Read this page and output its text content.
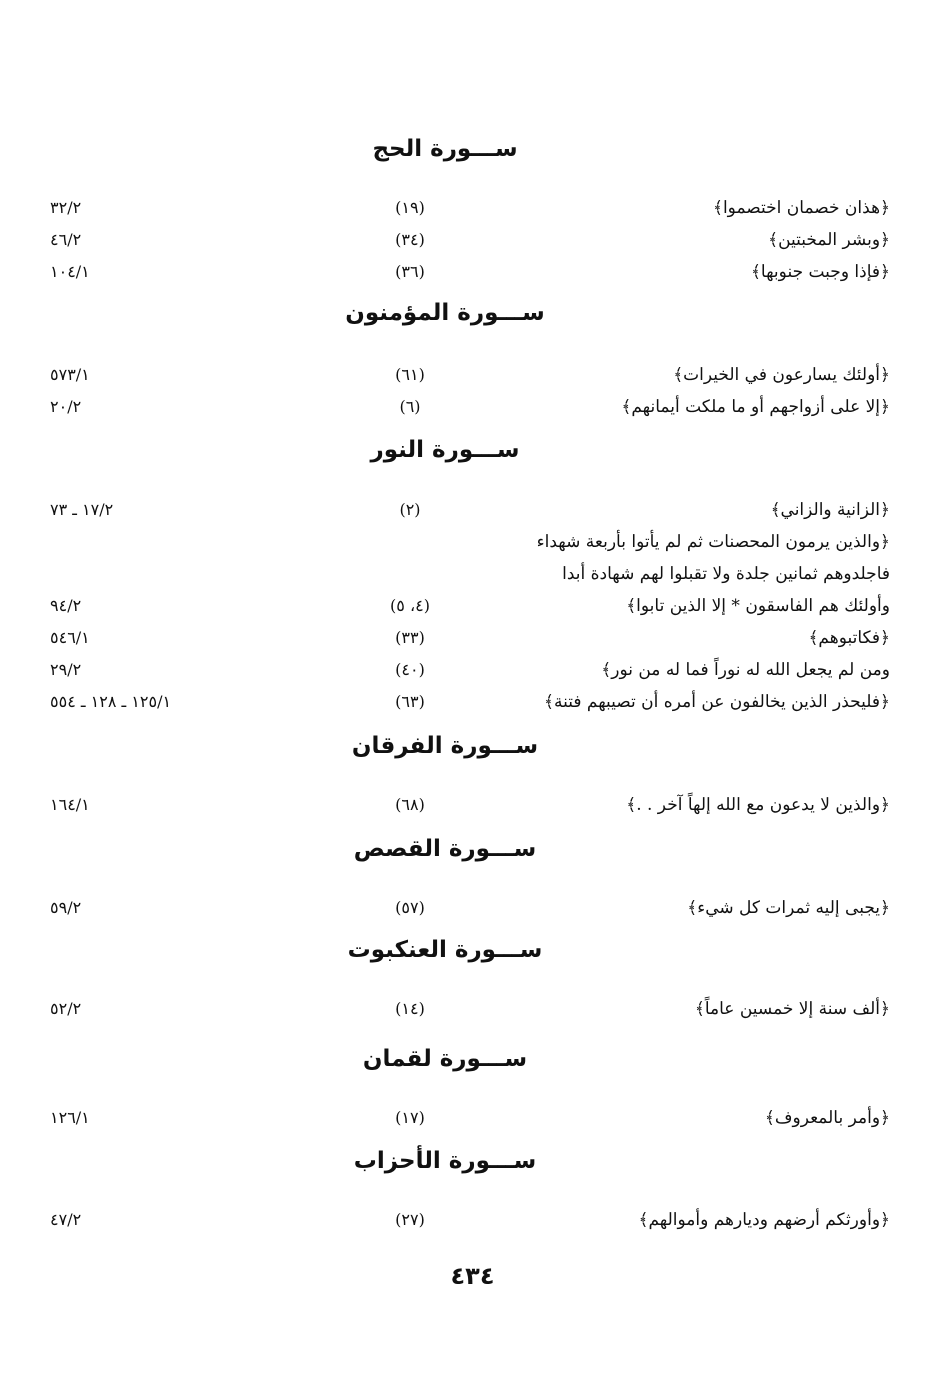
ســـورة الحج
﴿هذان خصمان اختصموا﴾
(١٩)
٣٢/٢
﴿وبشر المخبتين﴾
(٣٤)
٤٦/٢
﴿فإذا وجبت جنوبها﴾
(٣٦)
١٠٤/١
ســـورة المؤمنون
﴿أولئك يسارعون في الخيرات﴾
(٦١)
٥٧٣/١
﴿إلا على أزواجهم أو ما ملكت أيمانهم﴾
(٦)
٢٠/٢
ســـورة النور
﴿الزانية والزاني﴾
(٢)
١٧/٢ ـ ٧٣
﴿والذين يرمون المحصنات ثم لم يأتوا بأربعة شهداء
فاجلدوهم ثمانين جلدة ولا تقبلوا لهم شهادة أبدا
وأولئك هم الفاسقون * إلا الذين تابوا﴾
(٤، ٥)
٩٤/٢
﴿فكاتبوهم﴾
(٣٣)
٥٤٦/١
ومن لم يجعل الله له نوراً فما له من نور﴾
(٤٠)
٢٩/٢
﴿فليحذر الذين يخالفون عن أمره أن تصيبهم فتنة﴾
(٦٣)
١٢٥/١ ـ ١٢٨ ـ ٥٥٤
ســـورة الفرقان
﴿والذين لا يدعون مع الله إلهاً آخر . .﴾
(٦٨)
١٦٤/١
ســـورة القصص
﴿يجبى إليه ثمرات كل شيء﴾
(٥٧)
٥٩/٢
ســـورة العنكبوت
﴿ألف سنة إلا خمسين عاماً﴾
(١٤)
٥٢/٢
ســـورة لقمان
﴿وأمر بالمعروف﴾
(١٧)
١٢٦/١
ســـورة الأحزاب
﴿وأورثكم أرضهم وديارهم وأموالهم﴾
(٢٧)
٤٧/٢
٤٣٤
